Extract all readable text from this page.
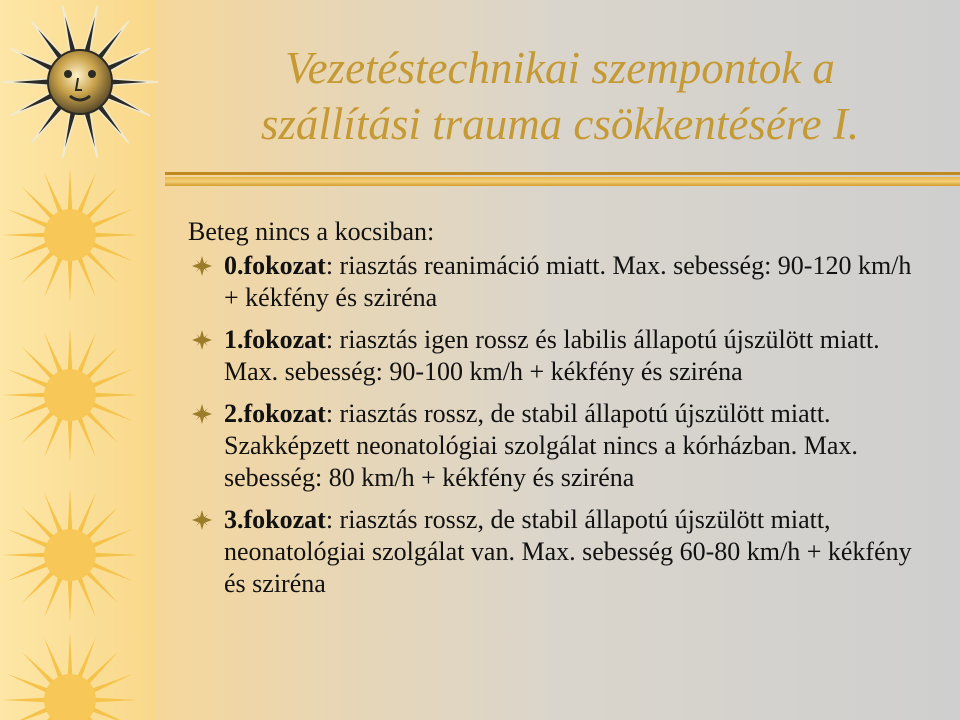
Vezetéstechnikai szempontok a
szállítási trauma csökkentésére I.

Beteg nincs a kocsiban:

0.fokozat: riasztás reanimáció miatt. Max. sebesség: 90-120 km/h + kékfény és sziréna
1.fokozat: riasztás igen rossz és labilis állapotú újszülött miatt. Max. sebesség: 90-100 km/h + kékfény és sziréna
2.fokozat: riasztás rossz, de stabil állapotú újszülött miatt. Szakképzett neonatológiai szolgálat nincs a kórházban. Max. sebesség: 80 km/h + kékfény és sziréna
3.fokozat: riasztás rossz, de stabil állapotú újszülött miatt, neonatológiai szolgálat van. Max. sebesség 60-80 km/h + kékfény és sziréna
